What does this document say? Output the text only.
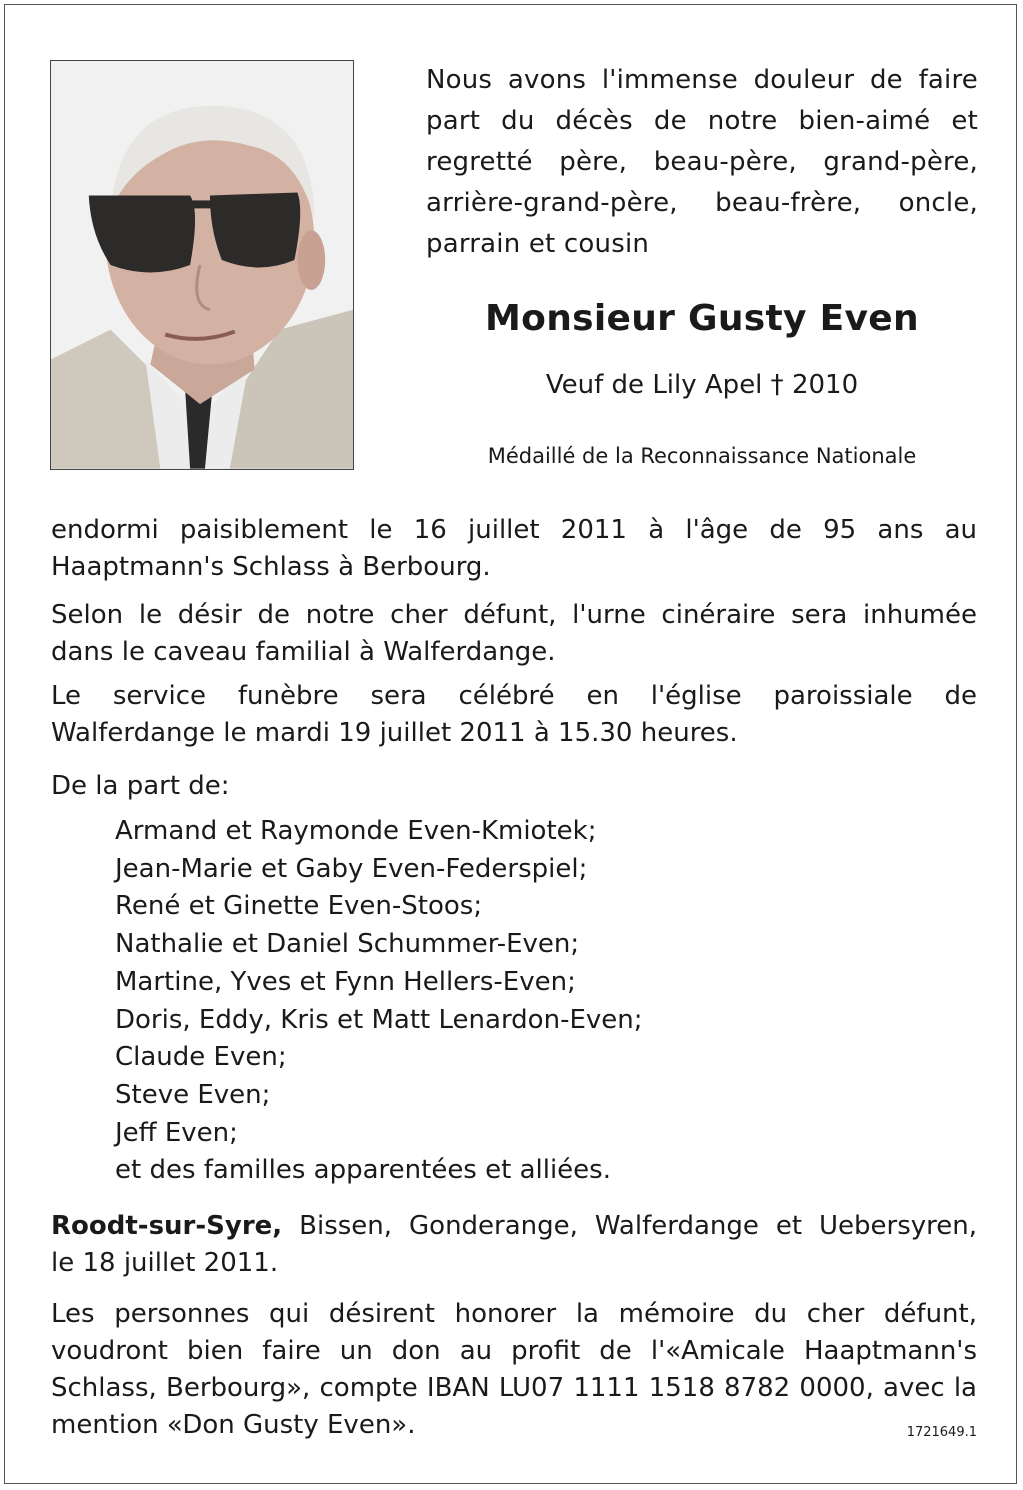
Nous avons l'immense douleur de faire
part du décès de notre bien-aimé et
regretté père, beau-père, grand-père,
arrière-grand-père, beau-frère, oncle,
parrain et cousin
Monsieur Gusty Even
Veuf de Lily Apel † 2010
Médaillé de la Reconnaissance Nationale
endormi paisiblement le 16 juillet 2011 à l'âge de 95 ans au
Haaptmann's Schlass à Berbourg.
Selon le désir de notre cher défunt, l'urne cinéraire sera inhumée
dans le caveau familial à Walferdange.
Le service funèbre sera célébré en l'église paroissiale de
Walferdange le mardi 19 juillet 2011 à 15.30 heures.
De la part de:
Armand et Raymonde Even-Kmiotek;
Jean-Marie et Gaby Even-Federspiel;
René et Ginette Even-Stoos;
Nathalie et Daniel Schummer-Even;
Martine, Yves et Fynn Hellers-Even;
Doris, Eddy, Kris et Matt Lenardon-Even;
Claude Even;
Steve Even;
Jeff Even;
et des familles apparentées et alliées.
Roodt-sur-Syre, Bissen, Gonderange, Walferdange et Uebersyren,
le 18 juillet 2011.
Les personnes qui désirent honorer la mémoire du cher défunt,
voudront bien faire un don au profit de l'«Amicale Haaptmann's
Schlass, Berbourg», compte IBAN LU07 1111 1518 8782 0000, avec la
mention «Don Gusty Even».	1721649.1
